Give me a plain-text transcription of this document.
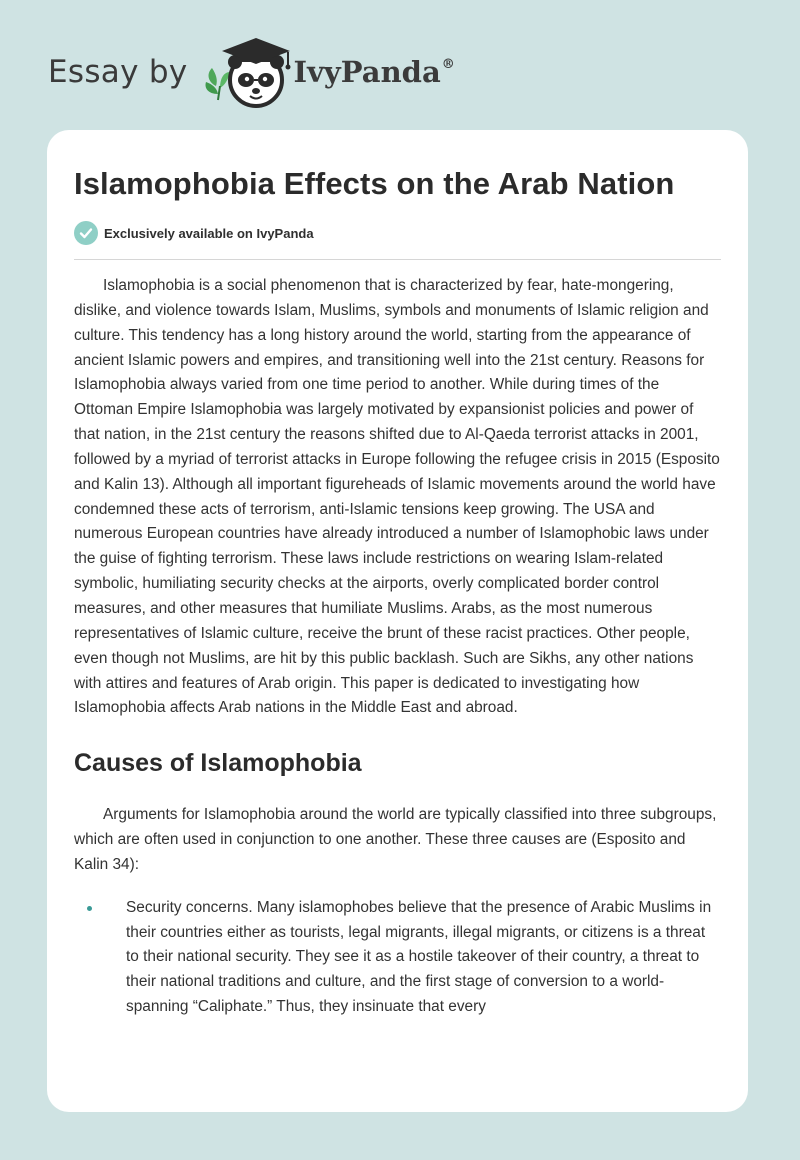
Essay by	IvyPanda®
Islamophobia Effects on the Arab Nation
Exclusively available on IvyPanda

Islamophobia is a social phenomenon that is characterized by fear, hate-mongering, dislike, and violence towards Islam, Muslims, symbols and monuments of Islamic religion and culture. This tendency has a long history around the world, starting from the appearance of ancient Islamic powers and empires, and transitioning well into the 21st century. Reasons for Islamophobia always varied from one time period to another. While during times of the Ottoman Empire Islamophobia was largely motivated by expansionist policies and power of that nation, in the 21st century the reasons shifted due to Al-Qaeda terrorist attacks in 2001, followed by a myriad of terrorist attacks in Europe following the refugee crisis in 2015 (Esposito and Kalin 13). Although all important figureheads of Islamic movements around the world have condemned these acts of terrorism, anti-Islamic tensions keep growing. The USA and numerous European countries have already introduced a number of Islamophobic laws under the guise of fighting terrorism. These laws include restrictions on wearing Islam-related symbolic, humiliating security checks at the airports, overly complicated border control measures, and other measures that humiliate Muslims. Arabs, as the most numerous representatives of Islamic culture, receive the brunt of these racist practices. Other people, even though not Muslims, are hit by this public backlash. Such are Sikhs, any other nations with attires and features of Arab origin. This paper is dedicated to investigating how Islamophobia affects Arab nations in the Middle East and abroad.

Causes of Islamophobia

Arguments for Islamophobia around the world are typically classified into three subgroups, which are often used in conjunction to one another. These three causes are (Esposito and Kalin 34):

Security concerns. Many islamophobes believe that the presence of Arabic Muslims in their countries either as tourists, legal migrants, illegal migrants, or citizens is a threat to their national security. They see it as a hostile takeover of their country, a threat to their national traditions and culture, and the first stage of conversion to a world-spanning “Caliphate.” Thus, they insinuate that every
